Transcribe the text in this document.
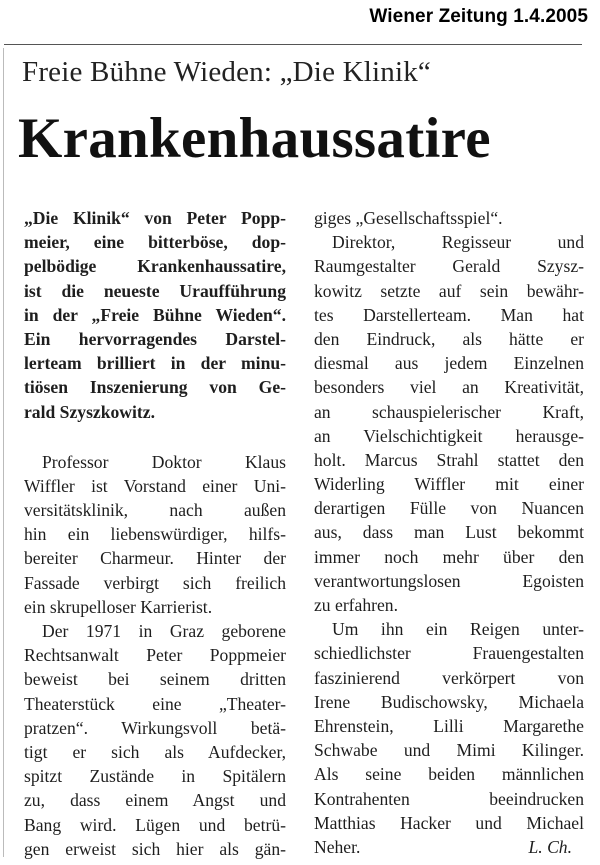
Wiener Zeitung 1.4.2005
Freie Bühne Wieden: „Die Klinik“
Krankenhaussatire
„Die Klinik“ von Peter Popp-
meier, eine bitterböse, dop-
pelbödige Krankenhaussatire,
ist die neueste Uraufführung
in der „Freie Bühne Wieden“.
Ein hervorragendes Darstel-
lerteam brilliert in der minu-
tiösen Inszenierung von Ge-
rald Szyszkowitz.
Professor Doktor Klaus
Wiffler ist Vorstand einer Uni-
versitätsklinik, nach außen
hin ein liebenswürdiger, hilfs-
bereiter Charmeur. Hinter der
Fassade verbirgt sich freilich
ein skrupelloser Karrierist.
Der 1971 in Graz geborene
Rechtsanwalt Peter Poppmeier
beweist bei seinem dritten
Theaterstück eine „Theater-
pratzen“. Wirkungsvoll betä-
tigt er sich als Aufdecker,
spitzt Zustände in Spitälern
zu, dass einem Angst und
Bang wird. Lügen und betrü-
gen erweist sich hier als gän-
giges „Gesellschaftsspiel“.
Direktor, Regisseur und
Raumgestalter Gerald Szysz-
kowitz setzte auf sein bewähr-
tes Darstellerteam. Man hat
den Eindruck, als hätte er
diesmal aus jedem Einzelnen
besonders viel an Kreativität,
an schauspielerischer Kraft,
an Vielschichtigkeit herausge-
holt. Marcus Strahl stattet den
Widerling Wiffler mit einer
derartigen Fülle von Nuancen
aus, dass man Lust bekommt
immer noch mehr über den
verantwortungslosen Egoisten
zu erfahren.
Um ihn ein Reigen unter-
schiedlichster Frauengestalten
faszinierend verkörpert von
Irene Budischowsky, Michaela
Ehrenstein, Lilli Margarethe
Schwabe und Mimi Kilinger.
Als seine beiden männlichen
Kontrahenten beeindrucken
Matthias Hacker und Michael
Neher.	L. Ch.
